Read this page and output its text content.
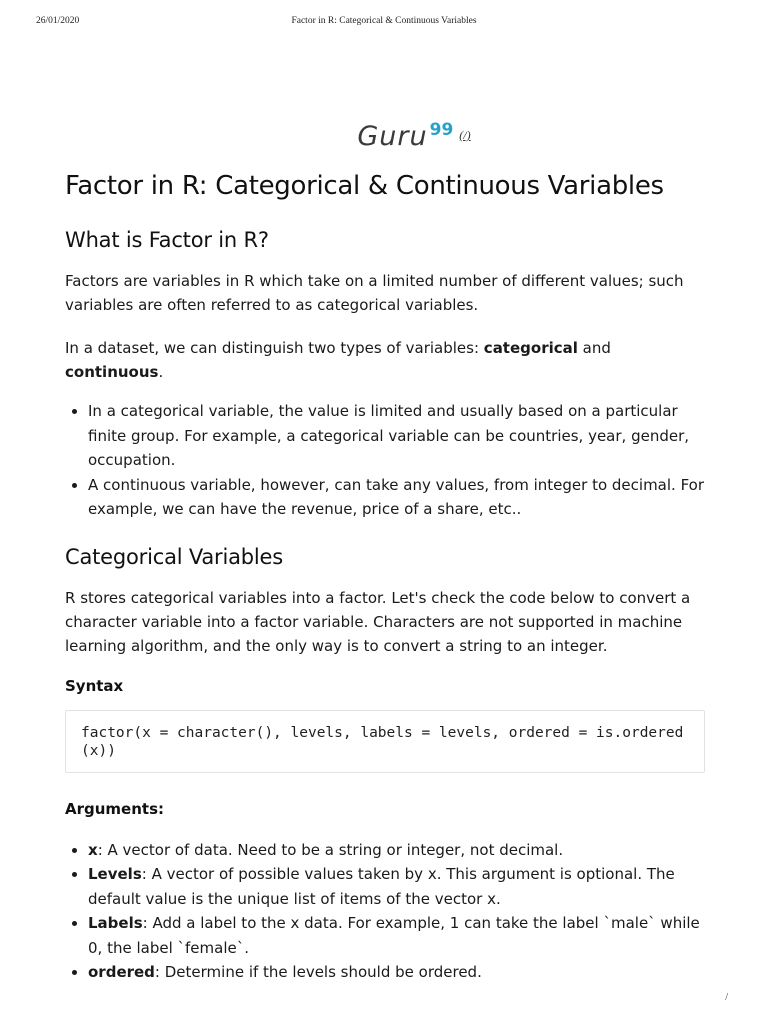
26/01/2020	Factor in R: Categorical & Continuous Variables
Guru 99 (/)
Factor in R: Categorical & Continuous Variables
What is Factor in R?

Factors are variables in R which take on a limited number of different values; such variables are often referred to as categorical variables.

In a dataset, we can distinguish two types of variables: categorical and continuous.

• In a categorical variable, the value is limited and usually based on a particular finite group. For example, a categorical variable can be countries, year, gender, occupation.
• A continuous variable, however, can take any values, from integer to decimal. For example, we can have the revenue, price of a share, etc..
Categorical Variables

R stores categorical variables into a factor. Let's check the code below to convert a character variable into a factor variable. Characters are not supported in machine learning algorithm, and the only way is to convert a string to an integer.

Syntax
factor(x = character(), levels, labels = levels, ordered = is.ordered(x))
Arguments:
• x: A vector of data. Need to be a string or integer, not decimal.
• Levels: A vector of possible values taken by x. This argument is optional. The default value is the unique list of items of the vector x.
• Labels: Add a label to the x data. For example, 1 can take the label `male` while 0, the label `female`.
• ordered: Determine if the levels should be ordered.
/
